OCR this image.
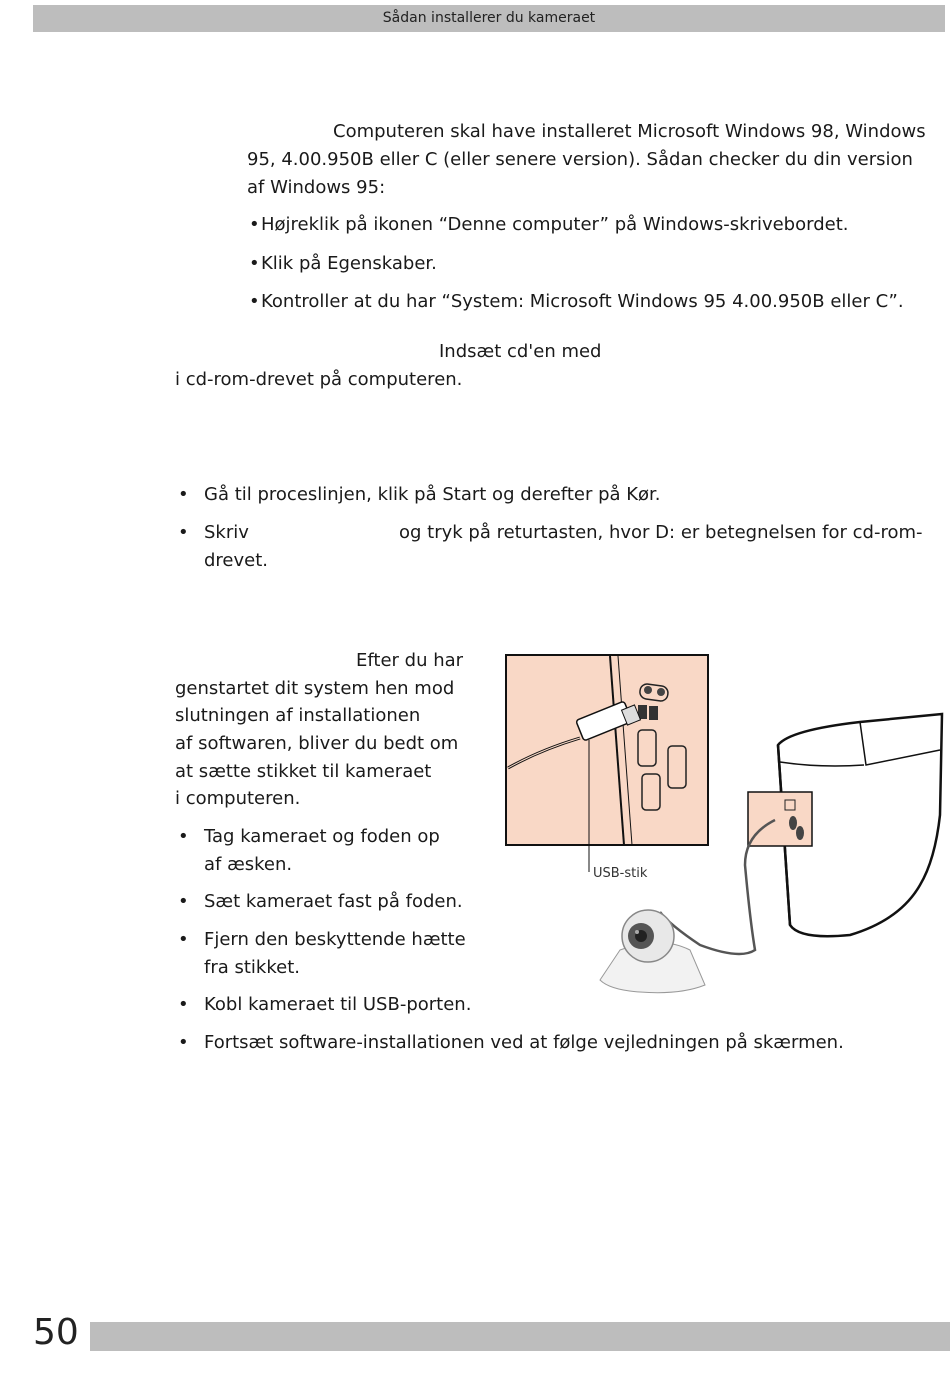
Sådan installerer du kameraet
Computeren skal have installeret Microsoft Windows 98, Windows
95, 4.00.950B eller C (eller senere version). Sådan checker du din version
af Windows 95:
• Højreklik på ikonen “Denne computer” på Windows-skrivebordet.
• Klik på Egenskaber.
• Kontroller at du har “System: Microsoft Windows 95 4.00.950B eller C”.
Indsæt cd'en med
i cd-rom-drevet på computeren.
• Gå til proceslinjen, klik på Start og derefter på Kør.
• Skriv	og tryk på returtasten, hvor D: er betegnelsen for cd-rom-
drevet.
Efter du har
genstartet dit system hen mod
slutningen af installationen
af softwaren, bliver du bedt om
at sætte stikket til kameraet
i computeren.
• Tag kameraet og foden op
af æsken.
• Sæt kameraet fast på foden.
• Fjern den beskyttende hætte
fra stikket.
• Kobl kameraet til USB-porten.
• Fortsæt software-installationen ved at følge vejledningen på skærmen.
USB-stik
50
